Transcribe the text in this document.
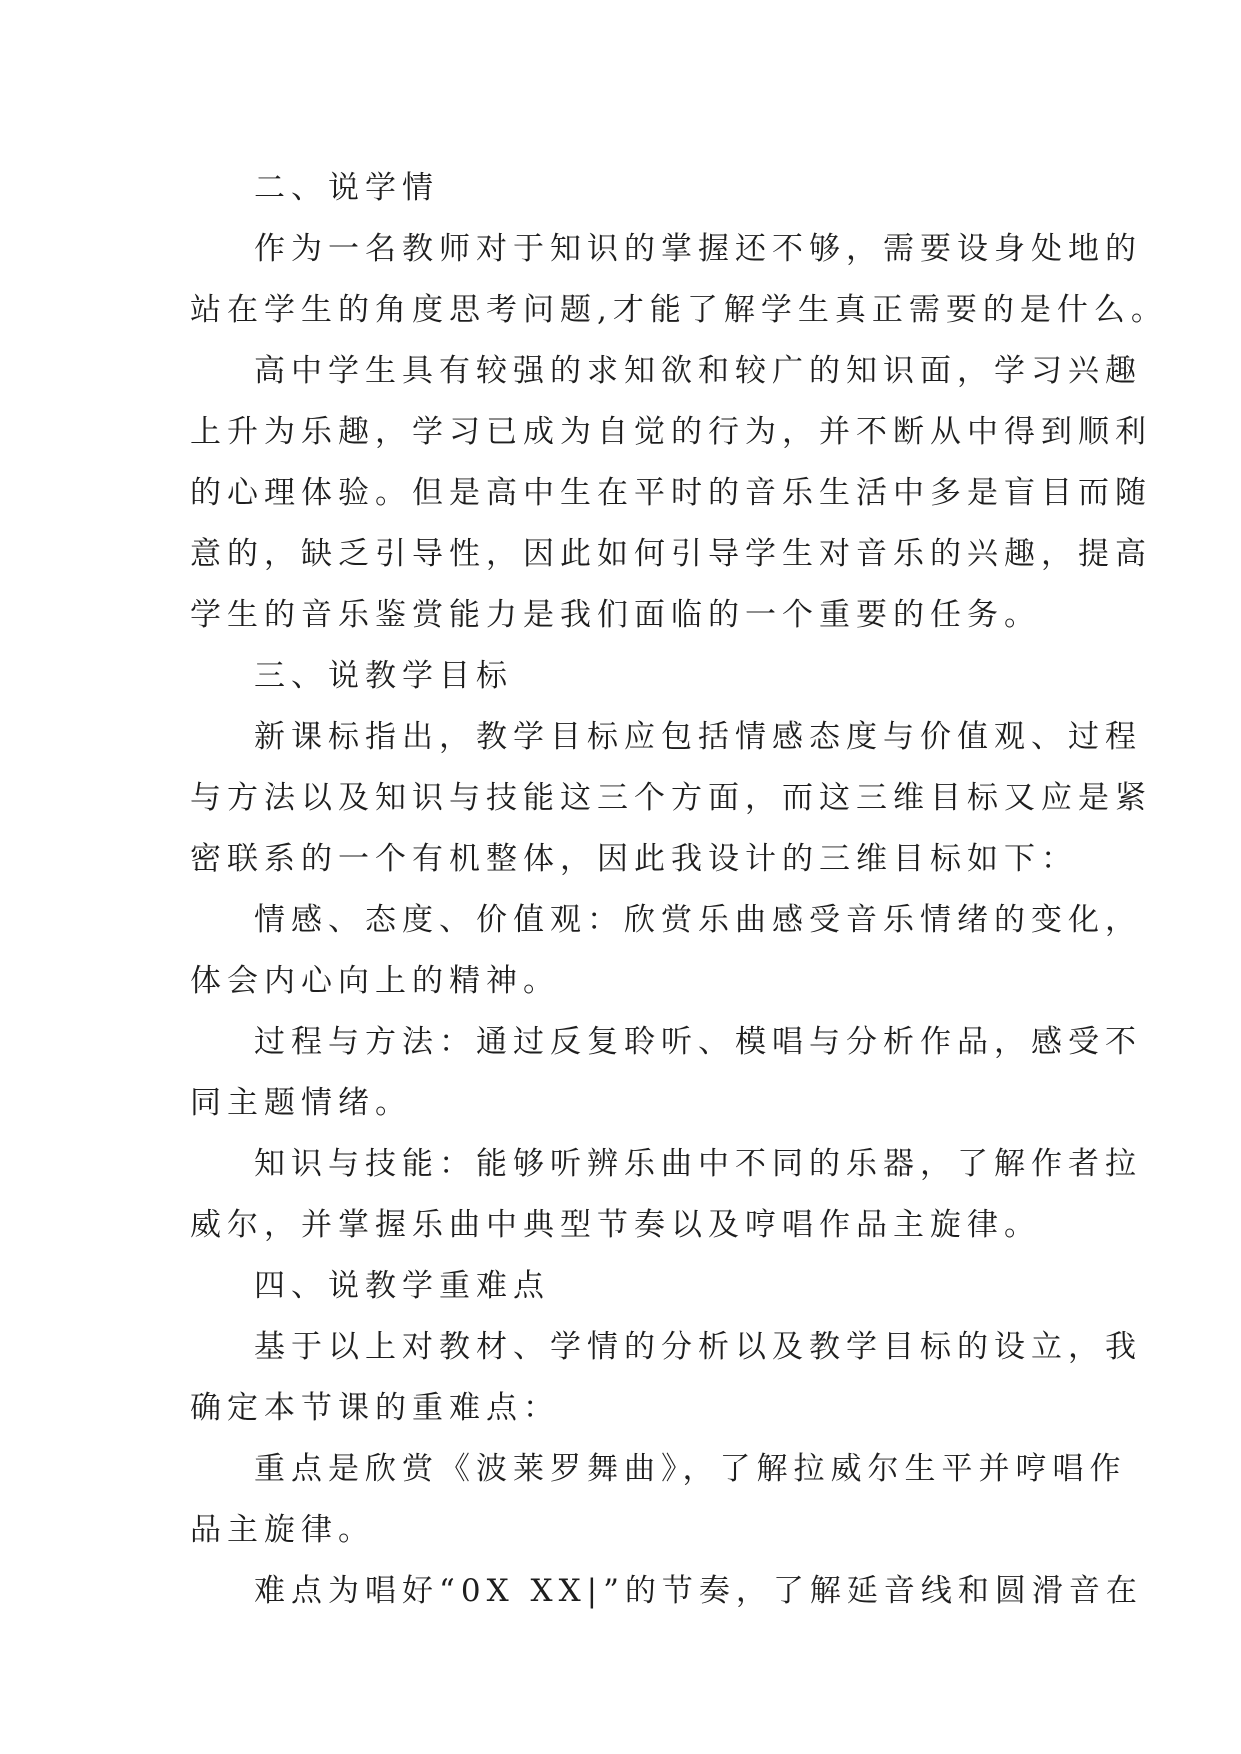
二、说学情
作为一名教师对于知识的掌握还不够，需要设身处地的
站在学生的角度思考问题,才能了解学生真正需要的是什么。
高中学生具有较强的求知欲和较广的知识面，学习兴趣
上升为乐趣，学习已成为自觉的行为，并不断从中得到顺利
的心理体验。但是高中生在平时的音乐生活中多是盲目而随
意的，缺乏引导性，因此如何引导学生对音乐的兴趣，提高
学生的音乐鉴赏能力是我们面临的一个重要的任务。
三、说教学目标
新课标指出，教学目标应包括情感态度与价值观、过程
与方法以及知识与技能这三个方面，而这三维目标又应是紧
密联系的一个有机整体，因此我设计的三维目标如下：
情感、态度、价值观：欣赏乐曲感受音乐情绪的变化，
体会内心向上的精神。
过程与方法：通过反复聆听、模唱与分析作品，感受不
同主题情绪。
知识与技能：能够听辨乐曲中不同的乐器，了解作者拉
威尔，并掌握乐曲中典型节奏以及哼唱作品主旋律。
四、说教学重难点
基于以上对教材、学情的分析以及教学目标的设立，我
确定本节课的重难点：
重点是欣赏《波莱罗舞曲》，了解拉威尔生平并哼唱作
品主旋律。
难点为唱好“0X XX|”的节奏，了解延音线和圆滑音在
